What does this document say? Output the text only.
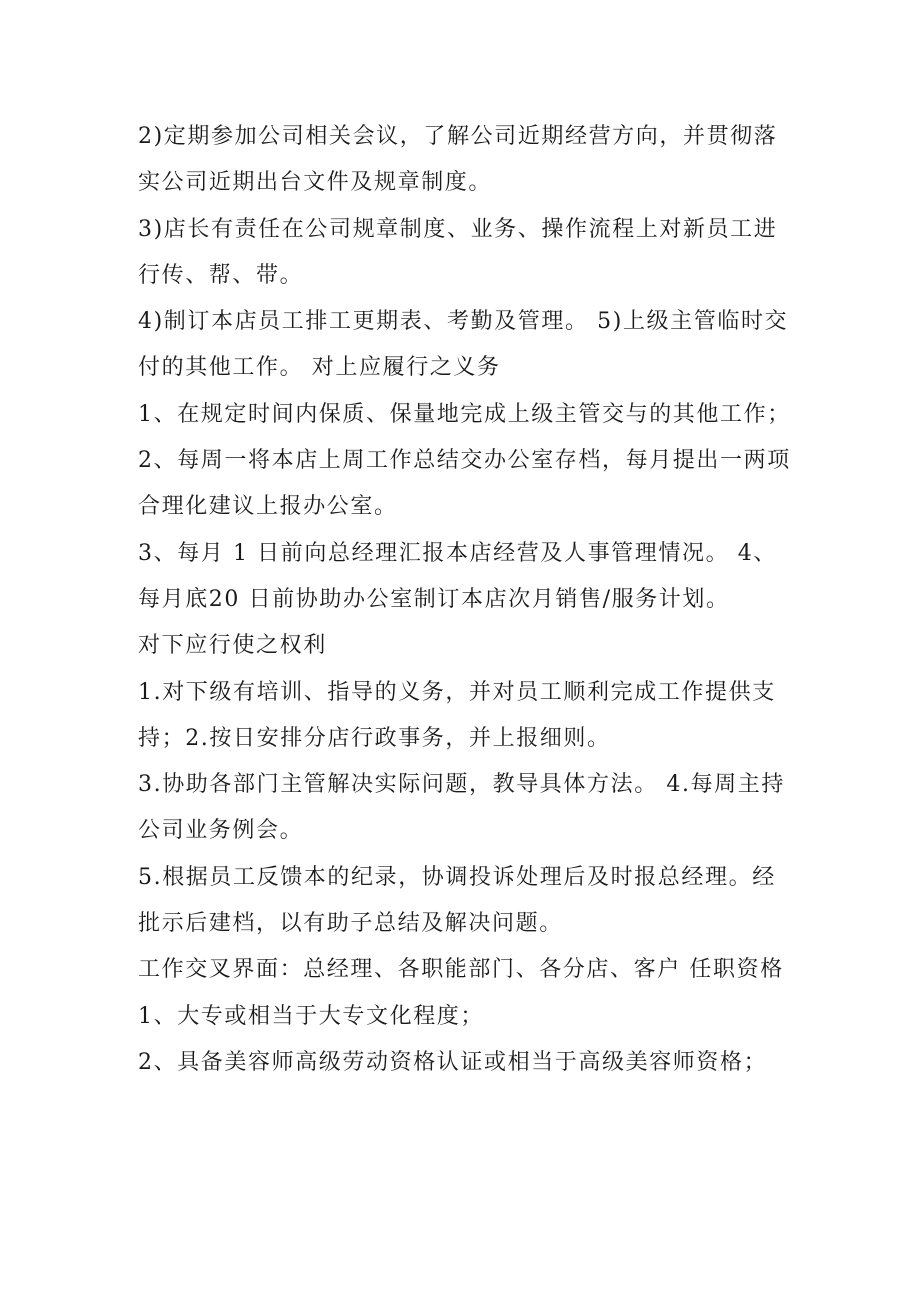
2)定期参加公司相关会议，了解公司近期经营方向，并贯彻落实公司近期出台文件及规章制度。

3)店长有责任在公司规章制度、业务、操作流程上对新员工进行传、帮、带。

4)制订本店员工排工更期表、考勤及管理。 5)上级主管临时交付的其他工作。 对上应履行之义务

1、在规定时间内保质、保量地完成上级主管交与的其他工作；2、每周一将本店上周工作总结交办公室存档，每月提出一两项合理化建议上报办公室。

3、每月 1 日前向总经理汇报本店经营及人事管理情况。 4、每月底20 日前协助办公室制订本店次月销售/服务计划。

对下应行使之权利

1.对下级有培训、指导的义务，并对员工顺利完成工作提供支持；2.按日安排分店行政事务，并上报细则。

3.协助各部门主管解决实际问题，教导具体方法。 4.每周主持公司业务例会。

5.根据员工反馈本的纪录，协调投诉处理后及时报总经理。经批示后建档，以有助子总结及解决问题。

工作交叉界面：总经理、各职能部门、各分店、客户 任职资格

1、大专或相当于大专文化程度；

2、具备美容师高级劳动资格认证或相当于高级美容师资格；
